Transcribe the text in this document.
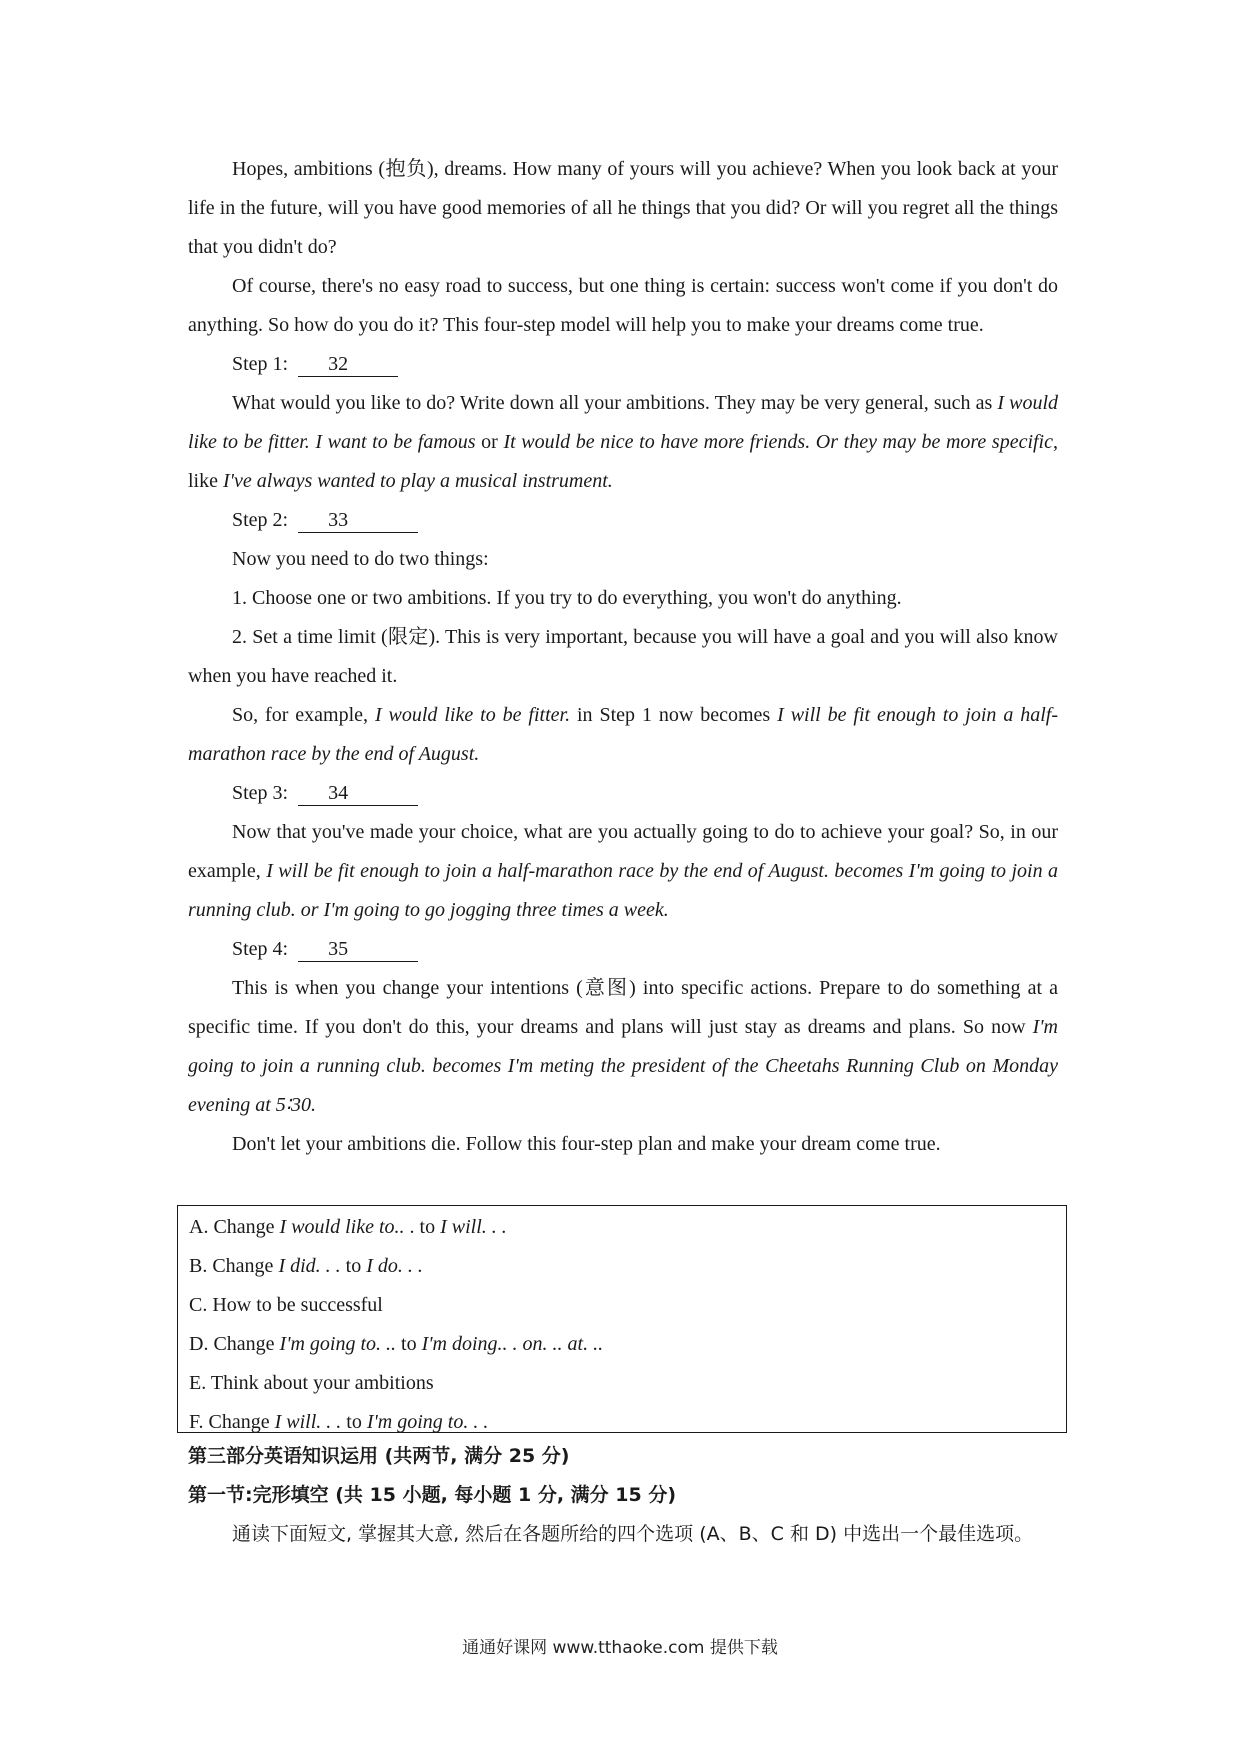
Hopes, ambitions (抱负), dreams. How many of yours will you achieve? When you look back at your life in the future, will you have good memories of all he things that you did? Or will you regret all the things that you didn't do?

Of course, there's no easy road to success, but one thing is certain: success won't come if you don't do anything. So how do you do it? This four-step model will help you to make your dreams come true.

Step 1: 32

What would you like to do? Write down all your ambitions. They may be very general, such as I would like to be fitter. I want to be famous or It would be nice to have more friends. Or they may be more specific, like I've always wanted to play a musical instrument.

Step 2: 33

Now you need to do two things:

1. Choose one or two ambitions. If you try to do everything, you won't do anything.

2. Set a time limit (限定). This is very important, because you will have a goal and you will also know when you have reached it.

So, for example, I would like to be fitter. in Step 1 now becomes I will be fit enough to join a half-marathon race by the end of August.

Step 3: 34

Now that you've made your choice, what are you actually going to do to achieve your goal? So, in our example, I will be fit enough to join a half-marathon race by the end of August. becomes I'm going to join a running club. or I'm going to go jogging three times a week.

Step 4: 35

This is when you change your intentions (意图) into specific actions. Prepare to do something at a specific time. If you don't do this, your dreams and plans will just stay as dreams and plans. So now I'm going to join a running club. becomes I'm meting the president of the Cheetahs Running Club on Monday evening at 5∶30.

Don't let your ambitions die. Follow this four-step plan and make your dream come true.

A. Change I would like to.. . to I will. . .

B. Change I did. . . to I do. . .

C. How to be successful

D. Change I'm going to. .. to I'm doing.. . on. .. at. ..

E. Think about your ambitions

F. Change I will. . . to I'm going to. . .

第三部分英语知识运用 (共两节, 满分 25 分)
第一节:完形填空 (共 15 小题, 每小题 1 分, 满分 15 分)
通读下面短文, 掌握其大意, 然后在各题所给的四个选项 (A、B、C 和 D) 中选出一个最佳选项。
通通好课网 www.tthaoke.com 提供下载
